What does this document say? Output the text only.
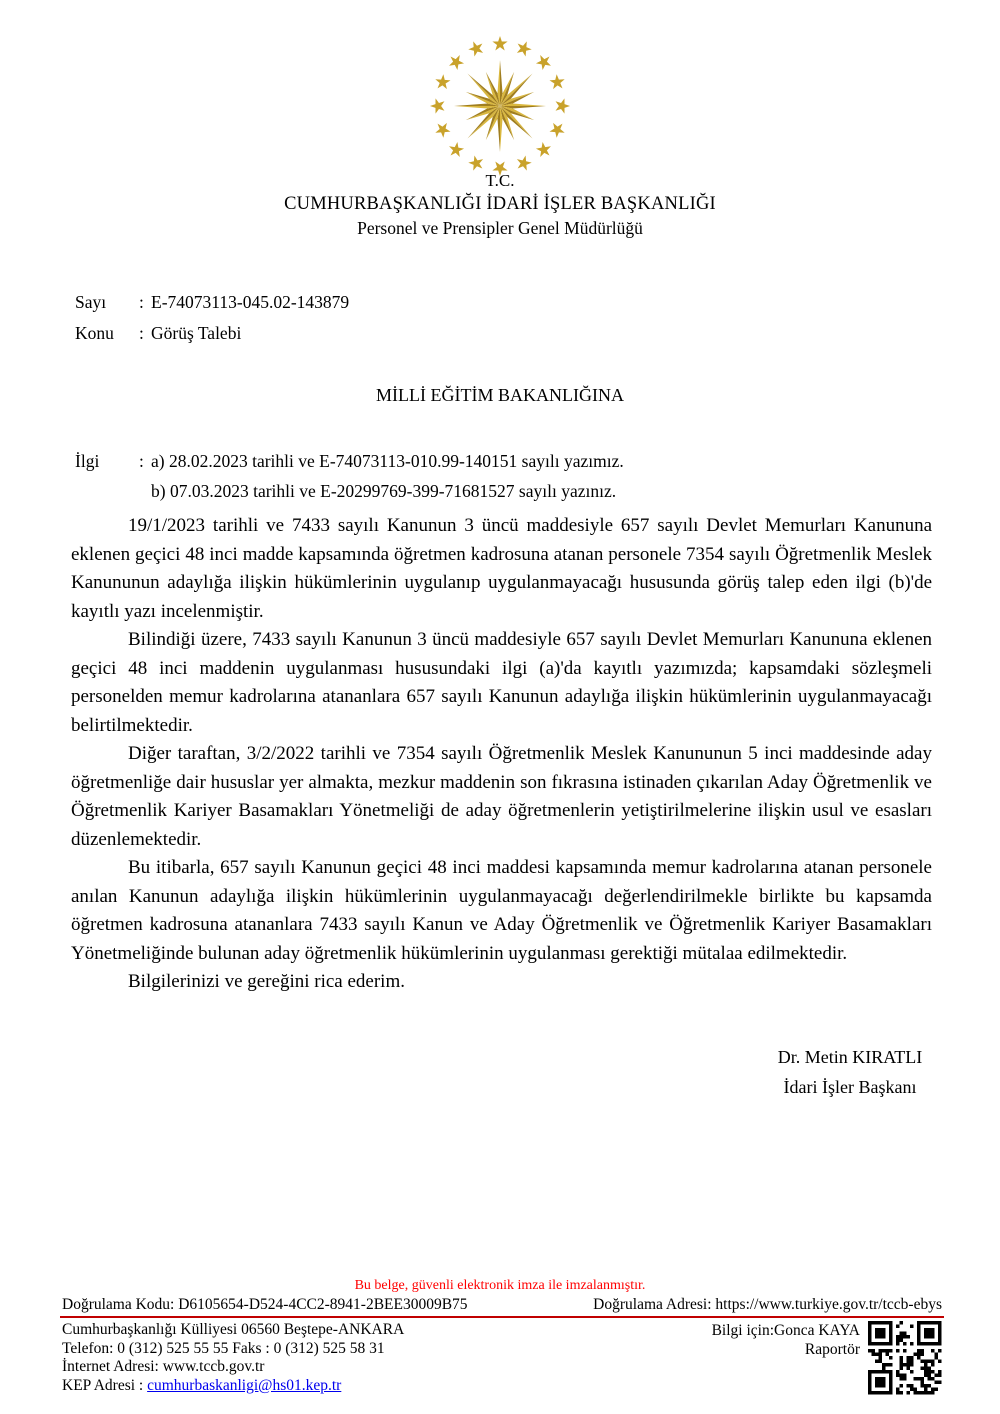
T.C.
CUMHURBAŞKANLIĞI İDARİ İŞLER BAŞKANLIĞI
Personel ve Prensipler Genel Müdürlüğü
Sayı	: E-74073113-045.02-143879
Konu	: Görüş Talebi
MİLLİ EĞİTİM BAKANLIĞINA
İlgi	: a) 28.02.2023 tarihli ve E-74073113-010.99-140151 sayılı yazımız.
b) 07.03.2023 tarihli ve E-20299769-399-71681527 sayılı yazınız.

19/1/2023 tarihli ve 7433 sayılı Kanunun 3 üncü maddesiyle 657 sayılı Devlet Memurları Kanununa eklenen geçici 48 inci madde kapsamında öğretmen kadrosuna atanan personele 7354 sayılı Öğretmenlik Meslek Kanununun adaylığa ilişkin hükümlerinin uygulanıp uygulanmayacağı hususunda görüş talep eden ilgi (b)'de kayıtlı yazı incelenmiştir.

Bilindiği üzere, 7433 sayılı Kanunun 3 üncü maddesiyle 657 sayılı Devlet Memurları Kanununa eklenen geçici 48 inci maddenin uygulanması hususundaki ilgi (a)'da kayıtlı yazımızda; kapsamdaki sözleşmeli personelden memur kadrolarına atananlara 657 sayılı Kanunun adaylığa ilişkin hükümlerinin uygulanmayacağı belirtilmektedir.

Diğer taraftan, 3/2/2022 tarihli ve 7354 sayılı Öğretmenlik Meslek Kanununun 5 inci maddesinde aday öğretmenliğe dair hususlar yer almakta, mezkur maddenin son fıkrasına istinaden çıkarılan Aday Öğretmenlik ve Öğretmenlik Kariyer Basamakları Yönetmeliği de aday öğretmenlerin yetiştirilmelerine ilişkin usul ve esasları düzenlemektedir.

Bu itibarla, 657 sayılı Kanunun geçici 48 inci maddesi kapsamında memur kadrolarına atanan personele anılan Kanunun adaylığa ilişkin hükümlerinin uygulanmayacağı değerlendirilmekle birlikte bu kapsamda öğretmen kadrosuna atananlara 7433 sayılı Kanun ve Aday Öğretmenlik ve Öğretmenlik Kariyer Basamakları Yönetmeliğinde bulunan aday öğretmenlik hükümlerinin uygulanması gerektiği mütalaa edilmektedir.

Bilgilerinizi ve gereğini rica ederim.

Dr. Metin KIRATLI
İdari İşler Başkanı
Bu belge, güvenli elektronik imza ile imzalanmıştır.
Doğrulama Kodu: D6105654-D524-4CC2-8941-2BEE30009B75	Doğrulama Adresi: https://www.turkiye.gov.tr/tccb-ebys
Cumhurbaşkanlığı Külliyesi 06560 Beştepe-ANKARA
Telefon: 0 (312) 525 55 55 Faks : 0 (312) 525 58 31
İnternet Adresi: www.tccb.gov.tr
KEP Adresi : cumhurbaskanligi@hs01.kep.tr
Bilgi için:Gonca KAYA
Raportör
